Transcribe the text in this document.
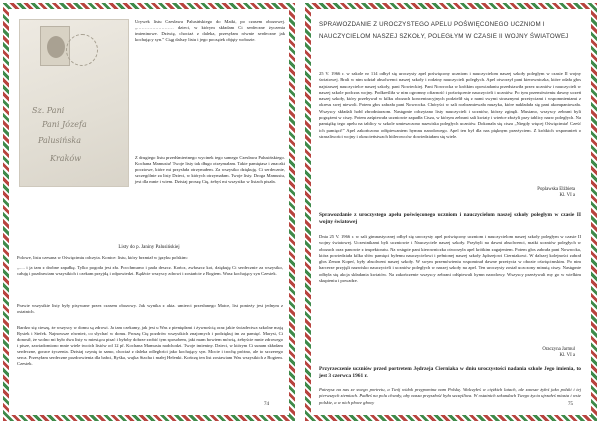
Sz. Pani
Pani Józefa
Palusińska
Kraków

Urywek listu Czesława Palusińskiego do Matki, po czasem obozowej. „…………………… dzieci, w którym składam Ci serdeczne życzenia imieninowe. Dziwię, chociaż z daleka, przesyłam równie serdeczne jak kochający syn.” Ciąg dalszy listu i jego początek objęty wobozie.

Z drugiego listu przedśmiertnego wycinek tego samego Czesława Palusińskiego. Kochana Mamusiu! Twoje listy tak długo otrzymałam. Takie pamiętasz i znaczki pocztowe, które mi przysłała otrzymałem. Za wszystko dziękuję. Ci serdecznie, szczególnie za listy Dzieci, w których otrzymałam. Twoje listy. Droga Mamusiu, jest dla mnie i wiem. Dzisiaj proszę Cię, żebyś mi wszystko w listach pisała.

Listy do p. Janiny Palusińskiej

Polowe, listu czesana w Oświęcimiu odczyta. Konice: listu, który brzmiał w języku polskim:

„..... i ja tam z drobne zapałkę. Tylko pogoda jest zła. Pocchmurno i pada deszcz. Kończ, zwłaszcz kot, dziękuję Ci serdecznie za wszystko, całuję i pozdrawiam wszystkich i czekam przyjdą i odpowiedzi. Bądźcie wszyscy zdrowi i zostańcie z Bogiem. Wasz kochający syn Czesiek.

Prawie wszystkie listy były pisywane przez czasem obozowy. Jak wynika z akta. umierci przesłanego Matce, list ponieży jest jednym z ostatnich.

Bardzo się cieszę, że wszyscy w domu są zdrowi. Ja tam czekamy, jak jest u Was z pieniędzmi i żywnością oraz jakie świadectwa szkolne mają Rysiek i Stefek. Najnowsze również, co słychać w domu. Proszę Cię pozdrów wszystkich znajomych i podziękuj im za pamięć. Marysi, Ci donosił, że wolno mi było dwa listy w miesiącu pisać i byłoby dobrze zrobić tym sposobem, jaki mam bowiem mówią, żebyście mnie zdrowego i pisze, zawiadomiono mnie wiele twoich listów od 12 pf. Kochana Mamusiu nadchodzi. Twoje imieniny. Dzieci, w którym Ci sunam składam serdeczne, gorace życzenia. Dzisiaj czynię to samo, chociaż z daleka odległości jako kochający syn. Mocie i trochę próżno, ale to szczerego serca. Przesyłam serdeczne pozdrowienia dla babci, Ryśka, wujka Stacha i małej Helenki. Kończę ten list zostawiam Was wszystkich z Bogiem. Czesiek.

74
SPRAWOZDANIE Z UROCZYSTEGO APELU POŚWIĘCONEGO UCZNIOM I NAUCZYCIELOM NASZEJ SZKOŁY, POLEGŁYM W CZASIE II WOJNY ŚWIATOWEJ

25 V. 1966 r. w szkole nr 114 odbył się uroczysty apel poświęcony uczniom i nauczycielom naszej szkoły poległym w czasie II wojny światowej. Brali w nim udział absolwenci naszej szkoły i rodziny nauczycieli poległych. Apel otworzył pani kierowniczka, które odała głos najstarszej nauczycielce naszej szkoły, pani Nowieckiej. Pani Nowrocka w krótkim opowiadaniu przedstawiła przez uczniów i nauczycieli w naszej szkole podczas wojny. Podkreśliła w nim ogromny ofiarność i poświęcenie nauczycieli i uczniów. Po tym przemówieniu dawny uczeń naszej szkoły, który przebywał w kilku obozach koncentracyjnych podzielił się z nami swymi strasznymi przeżyciami i wspomnieniami z okresu swej niewoli. Potem głos zabrała pani Nowrocka. Chóryści w sali rozbrzmiewała muzyka, które nakładała się pani akompaniowała. Wszyscy składali hołd zbrodniarzom. Następnie odczytano listy nauczycieli i uczniów, którzy zginęli. Musiano, wszyscy zebrani byli pogrążeni w ciszy. Potem zaśpiewała uczniowie zapadła Cisza, w którym zebrani sali kwiaty i wieńce złożyli przy tablicy nazw poległych. Na pamiątkę tego apelu na tablicy w szkole umieszczono nazwiska poległych uczniów. Dokonała się cisza „Niegdy więcej Oświęcimia! Cześć ich pamięci!” Apel zakończono odśpiewaniem hymnu narodowego. Apel ten był dla nas pięknym przeżyciem. Z krótkich wspomnień o straszliwości wojny i okrucieństwach hitlerowców dowiedziałam się wiele.

Poplawska Elżbieta
Kl. VI a
Sprawozdanie z uroczystego apelu poświęconego uczniom i nauczycielom naszej szkoły poległym w czasie II wojny światowej

Dnia 25 V. 1966 r. w sali gimnastycznej odbył się uroczysty apel poświęcony uczniom i nauczycielom naszej szkoły poległym w czasie II wojny światowej. Uczestnikami byli uczniowie i Nauczyciele naszej szkoły. Przybyli na dawni absolwenci, matki uczniów poległych w obozach oraz panowie z inspektoratu. Na wstępie pani kierowniczka otworzyła apel krótkim zagajeniem. Potem głos zabrała pani Nowrocka, która powiedziała kilka słów pamięci byłemu nauczycielowi i pełnionej naszej szkoły Jędrzejowi Cierniakowi. W dalszej kolejności zabrał głos Zenon Kopeć, były absolwent naszej szkoły. W swym przemówieniu wspominał dawne przeżycia w obozie oświęcimskim. Po nim harcerze przyjęli nazwisko nauczycieli i uczniów poległych w naszej szkoły na apel. Ten uroczysty został uczczony minutą ciszy. Następnie odbyła się akcja składania kwiatów. Na zakończenie wszyscy zebrani odśpiewali hymn narodowy. Wszyscy przeżywali my go w wielkim skupieniu i powadze.

Oraczyna Jarmul
Kl. VI a
Przyrzeczenie uczniów przed portretem Jędrzeja Cierniaka w dniu uroczystości nadania szkole Jego imienia, to jest 3 czerwca 1961 r.

Patrzysz na nas ze swego portretu, a Twój widok przypomina nam Polskę. Walczyłeś w ciężkich latach, ale zawsze żyłeś jako polski i tej pierwszych ziemiach. Padłeś na polu chwały, aby nasza przyszłość była szczęśliwa. W ostatnich sekundach Twego życia ujrzałeś miasta i wsie polskie, a w nich płowe głowy	75
